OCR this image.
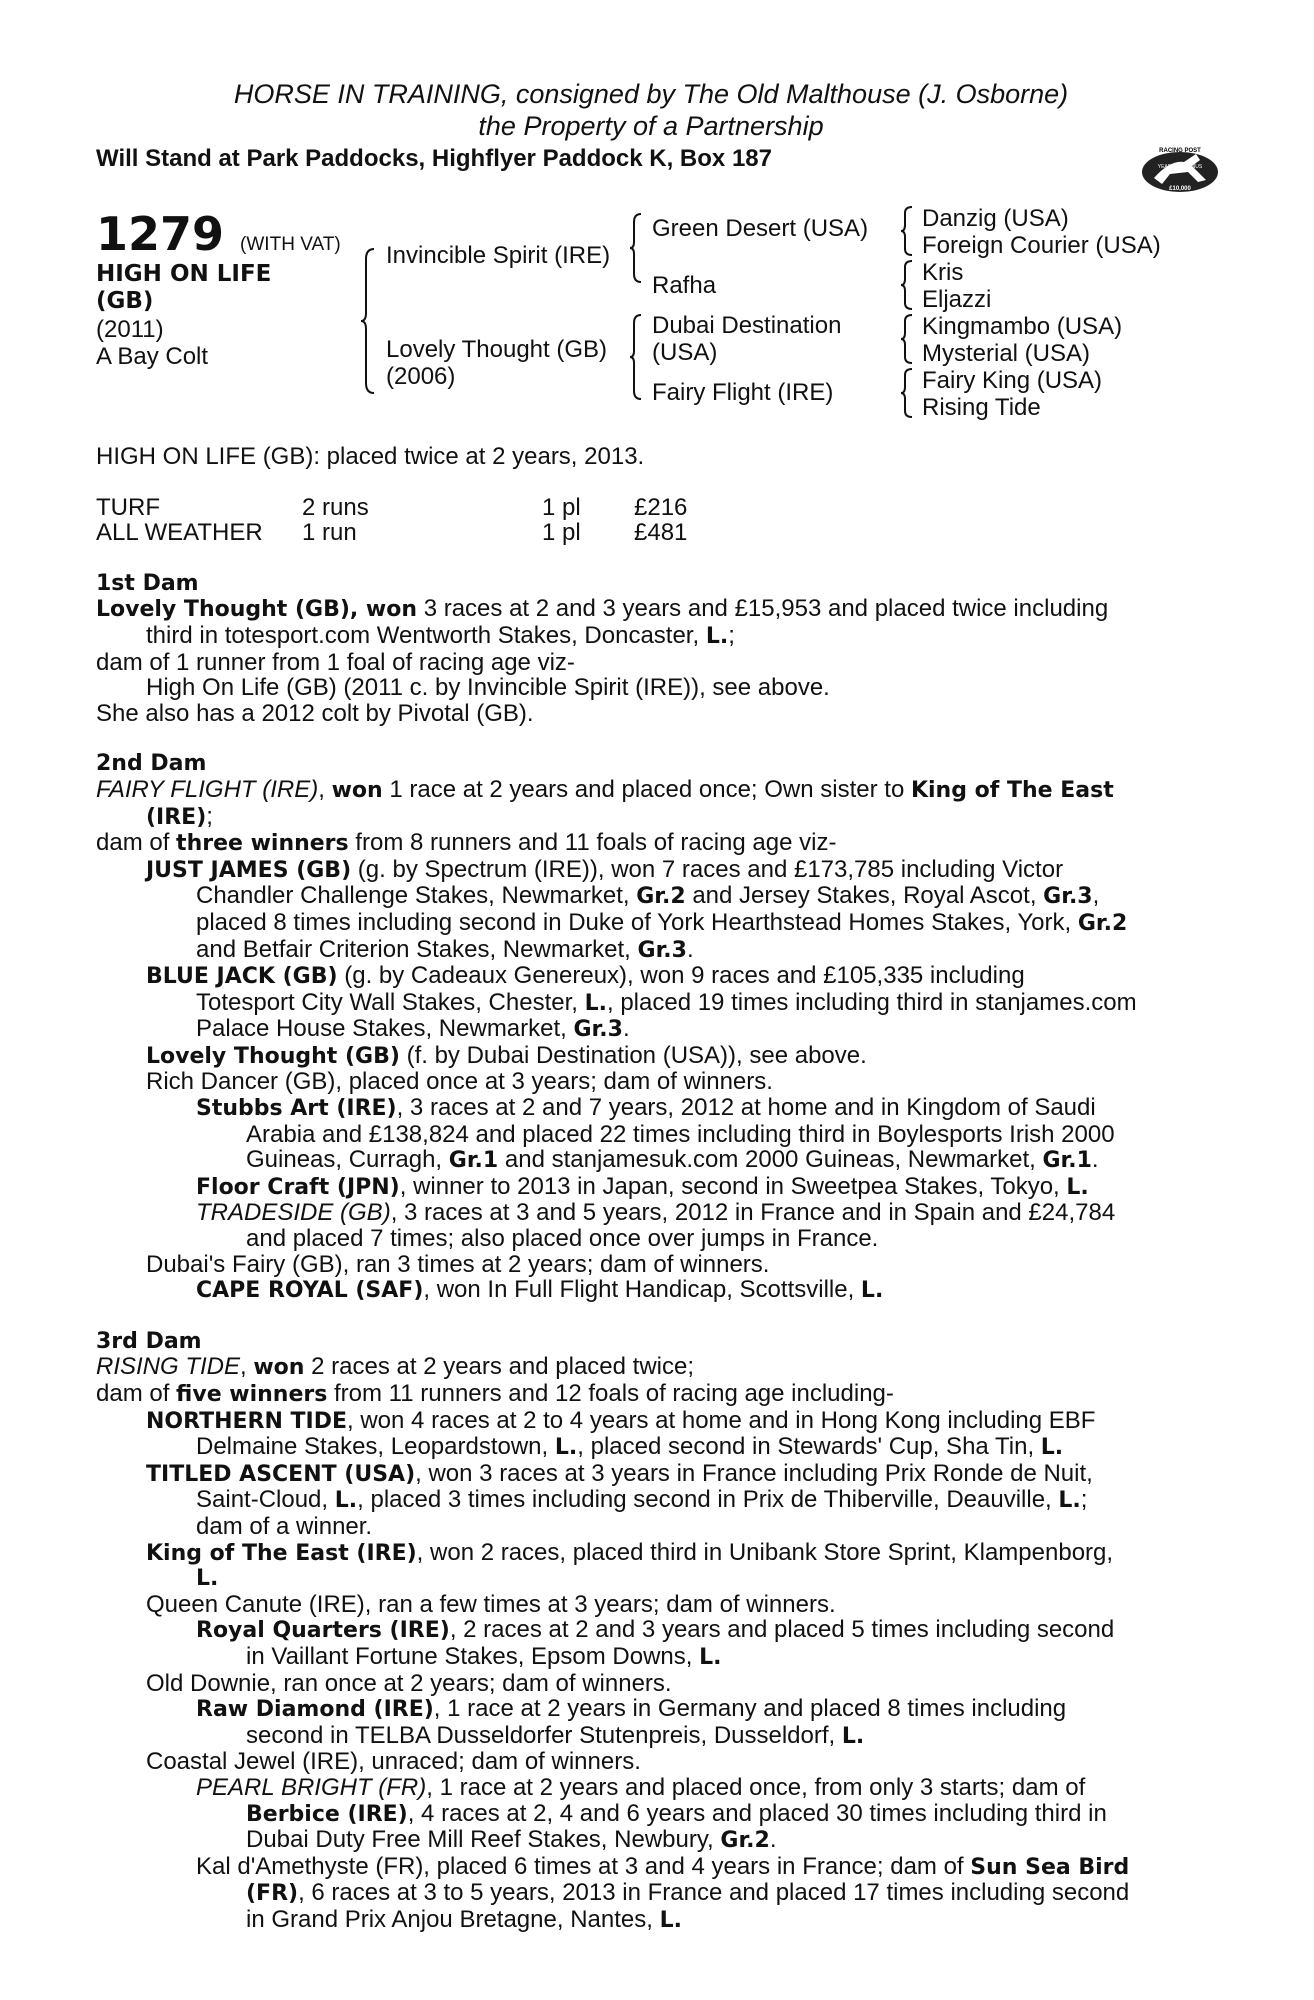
HORSE IN TRAINING, consigned by The Old Malthouse (J. Osborne)
the Property of a Partnership
Will Stand at Park Paddocks, Highflyer Paddock K, Box 187	RACING POST
YEARLING BONUS
£10,000
1279 (WITH VAT)
HIGH ON LIFE
(GB)
(2011)
A Bay Colt
Invincible Spirit (IRE)
Lovely Thought (GB)
(2006)
Green Desert (USA)
Rafha
Dubai Destination
(USA)
Fairy Flight (IRE)
Danzig (USA)
Foreign Courier (USA)
Kris
Eljazzi
Kingmambo (USA)
Mysterial (USA)
Fairy King (USA)
Rising Tide

HIGH ON LIFE (GB): placed twice at 2 years, 2013.

TURF	2 runs	1 pl	£216
ALL WEATHER	1 run	1 pl	£481

1st Dam

Lovely Thought (GB), won 3 races at 2 and 3 years and £15,953 and placed twice including

third in totesport.com Wentworth Stakes, Doncaster, L.;

dam of 1 runner from 1 foal of racing age viz-

High On Life (GB) (2011 c. by Invincible Spirit (IRE)), see above.

She also has a 2012 colt by Pivotal (GB).

2nd Dam

FAIRY FLIGHT (IRE), won 1 race at 2 years and placed once; Own sister to King of The East

(IRE);

dam of three winners from 8 runners and 11 foals of racing age viz-

JUST JAMES (GB) (g. by Spectrum (IRE)), won 7 races and £173,785 including Victor

Chandler Challenge Stakes, Newmarket, Gr.2 and Jersey Stakes, Royal Ascot, Gr.3,

placed 8 times including second in Duke of York Hearthstead Homes Stakes, York, Gr.2

and Betfair Criterion Stakes, Newmarket, Gr.3.

BLUE JACK (GB) (g. by Cadeaux Genereux), won 9 races and £105,335 including

Totesport City Wall Stakes, Chester, L., placed 19 times including third in stanjames.com

Palace House Stakes, Newmarket, Gr.3.

Lovely Thought (GB) (f. by Dubai Destination (USA)), see above.

Rich Dancer (GB), placed once at 3 years; dam of winners.

Stubbs Art (IRE), 3 races at 2 and 7 years, 2012 at home and in Kingdom of Saudi

Arabia and £138,824 and placed 22 times including third in Boylesports Irish 2000

Guineas, Curragh, Gr.1 and stanjamesuk.com 2000 Guineas, Newmarket, Gr.1.

Floor Craft (JPN), winner to 2013 in Japan, second in Sweetpea Stakes, Tokyo, L.

TRADESIDE (GB), 3 races at 3 and 5 years, 2012 in France and in Spain and £24,784

and placed 7 times; also placed once over jumps in France.

Dubai's Fairy (GB), ran 3 times at 2 years; dam of winners.

CAPE ROYAL (SAF), won In Full Flight Handicap, Scottsville, L.

3rd Dam

RISING TIDE, won 2 races at 2 years and placed twice;

dam of five winners from 11 runners and 12 foals of racing age including-

NORTHERN TIDE, won 4 races at 2 to 4 years at home and in Hong Kong including EBF

Delmaine Stakes, Leopardstown, L., placed second in Stewards' Cup, Sha Tin, L.

TITLED ASCENT (USA), won 3 races at 3 years in France including Prix Ronde de Nuit,

Saint-Cloud, L., placed 3 times including second in Prix de Thiberville, Deauville, L.;

dam of a winner.

King of The East (IRE), won 2 races, placed third in Unibank Store Sprint, Klampenborg,

L.

Queen Canute (IRE), ran a few times at 3 years; dam of winners.

Royal Quarters (IRE), 2 races at 2 and 3 years and placed 5 times including second

in Vaillant Fortune Stakes, Epsom Downs, L.

Old Downie, ran once at 2 years; dam of winners.

Raw Diamond (IRE), 1 race at 2 years in Germany and placed 8 times including

second in TELBA Dusseldorfer Stutenpreis, Dusseldorf, L.

Coastal Jewel (IRE), unraced; dam of winners.

PEARL BRIGHT (FR), 1 race at 2 years and placed once, from only 3 starts; dam of

Berbice (IRE), 4 races at 2, 4 and 6 years and placed 30 times including third in

Dubai Duty Free Mill Reef Stakes, Newbury, Gr.2.

Kal d'Amethyste (FR), placed 6 times at 3 and 4 years in France; dam of Sun Sea Bird

(FR), 6 races at 3 to 5 years, 2013 in France and placed 17 times including second

in Grand Prix Anjou Bretagne, Nantes, L.
